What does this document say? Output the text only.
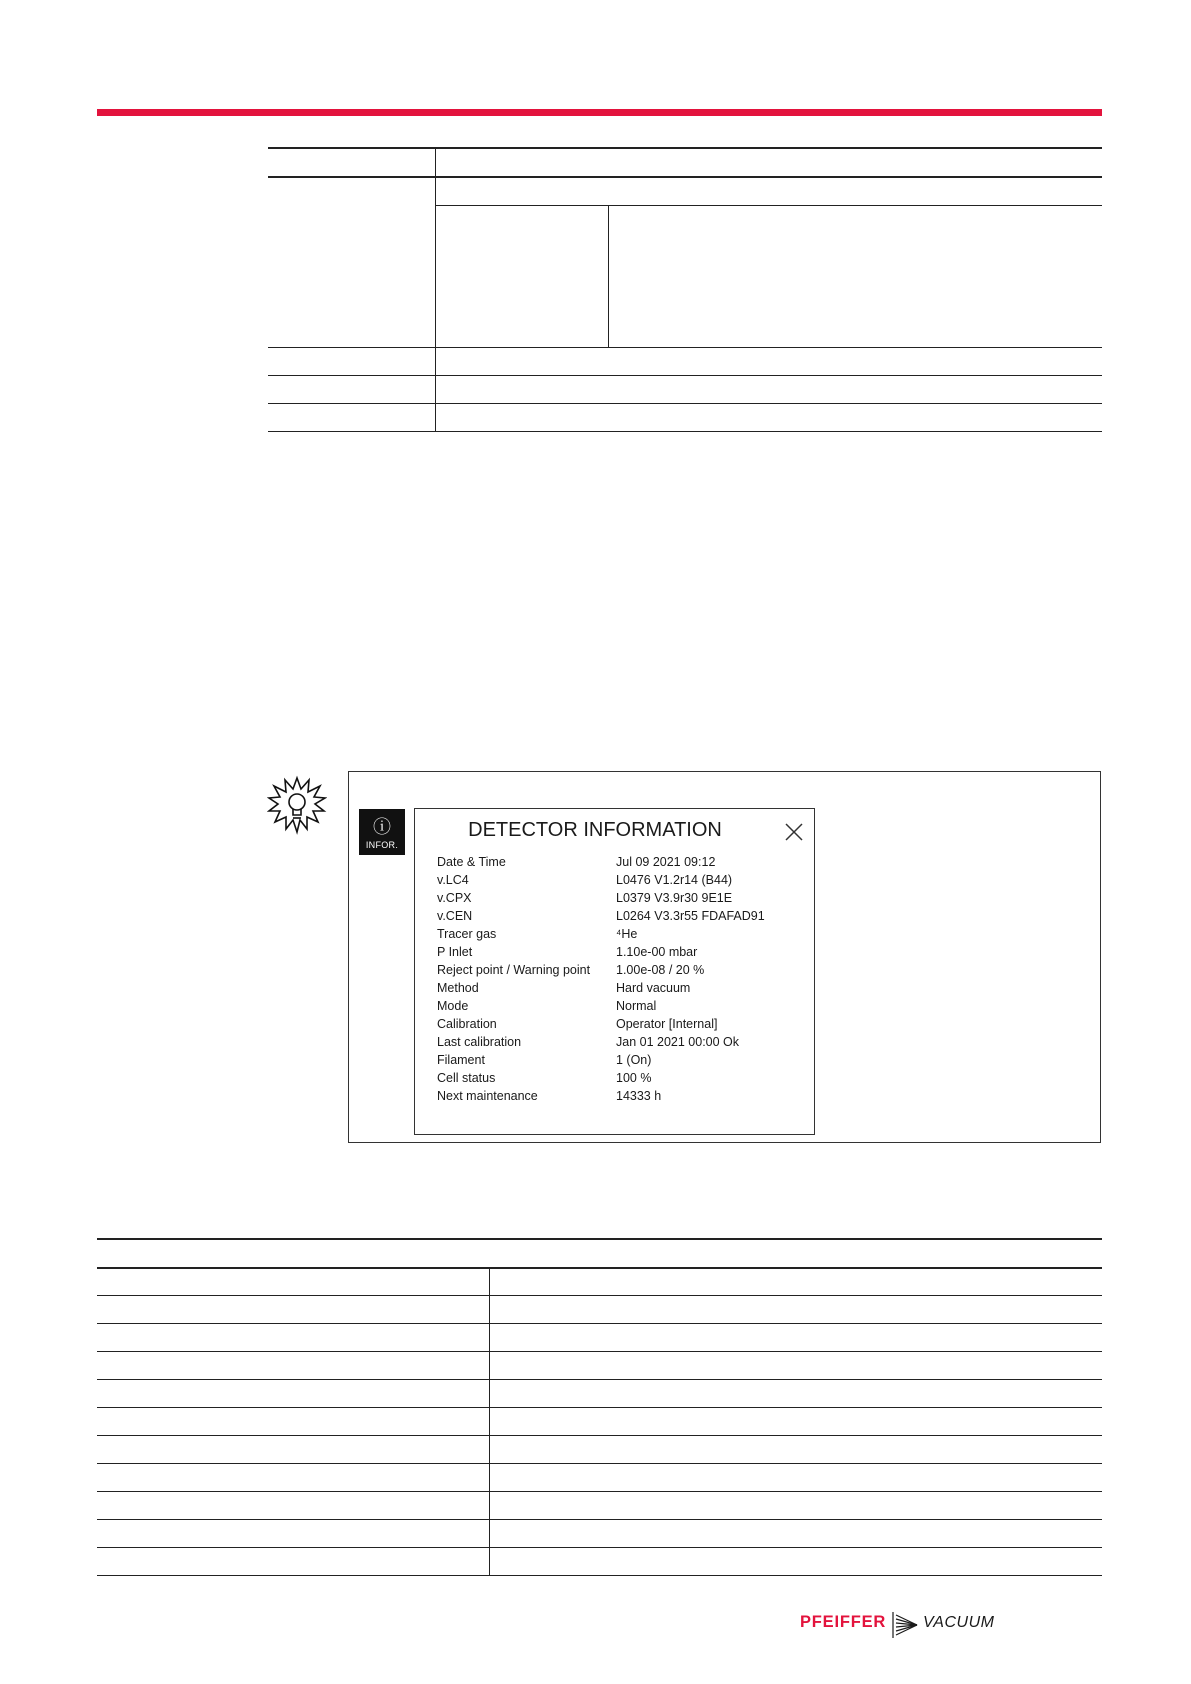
ⓘ
INFOR.
DETECTOR INFORMATION
Date & Time	Jul 09 2021 09:12
v.LC4	L0476 V1.2r14 (B44)
v.CPX	L0379 V3.9r30 9E1E
v.CEN	L0264 V3.3r55 FDAFAD91
Tracer gas	⁴He
P Inlet	1.10e-00 mbar
Reject point / Warning point 1.00e-08 / 20 %
Method	Hard vacuum
Mode	Normal
Calibration	Operator [Internal]
Last calibration	Jan 01 2021 00:00 Ok
Filament	1 (On)
Cell status	100 %
Next maintenance	14333 h
PFEIFFER VACUUM
